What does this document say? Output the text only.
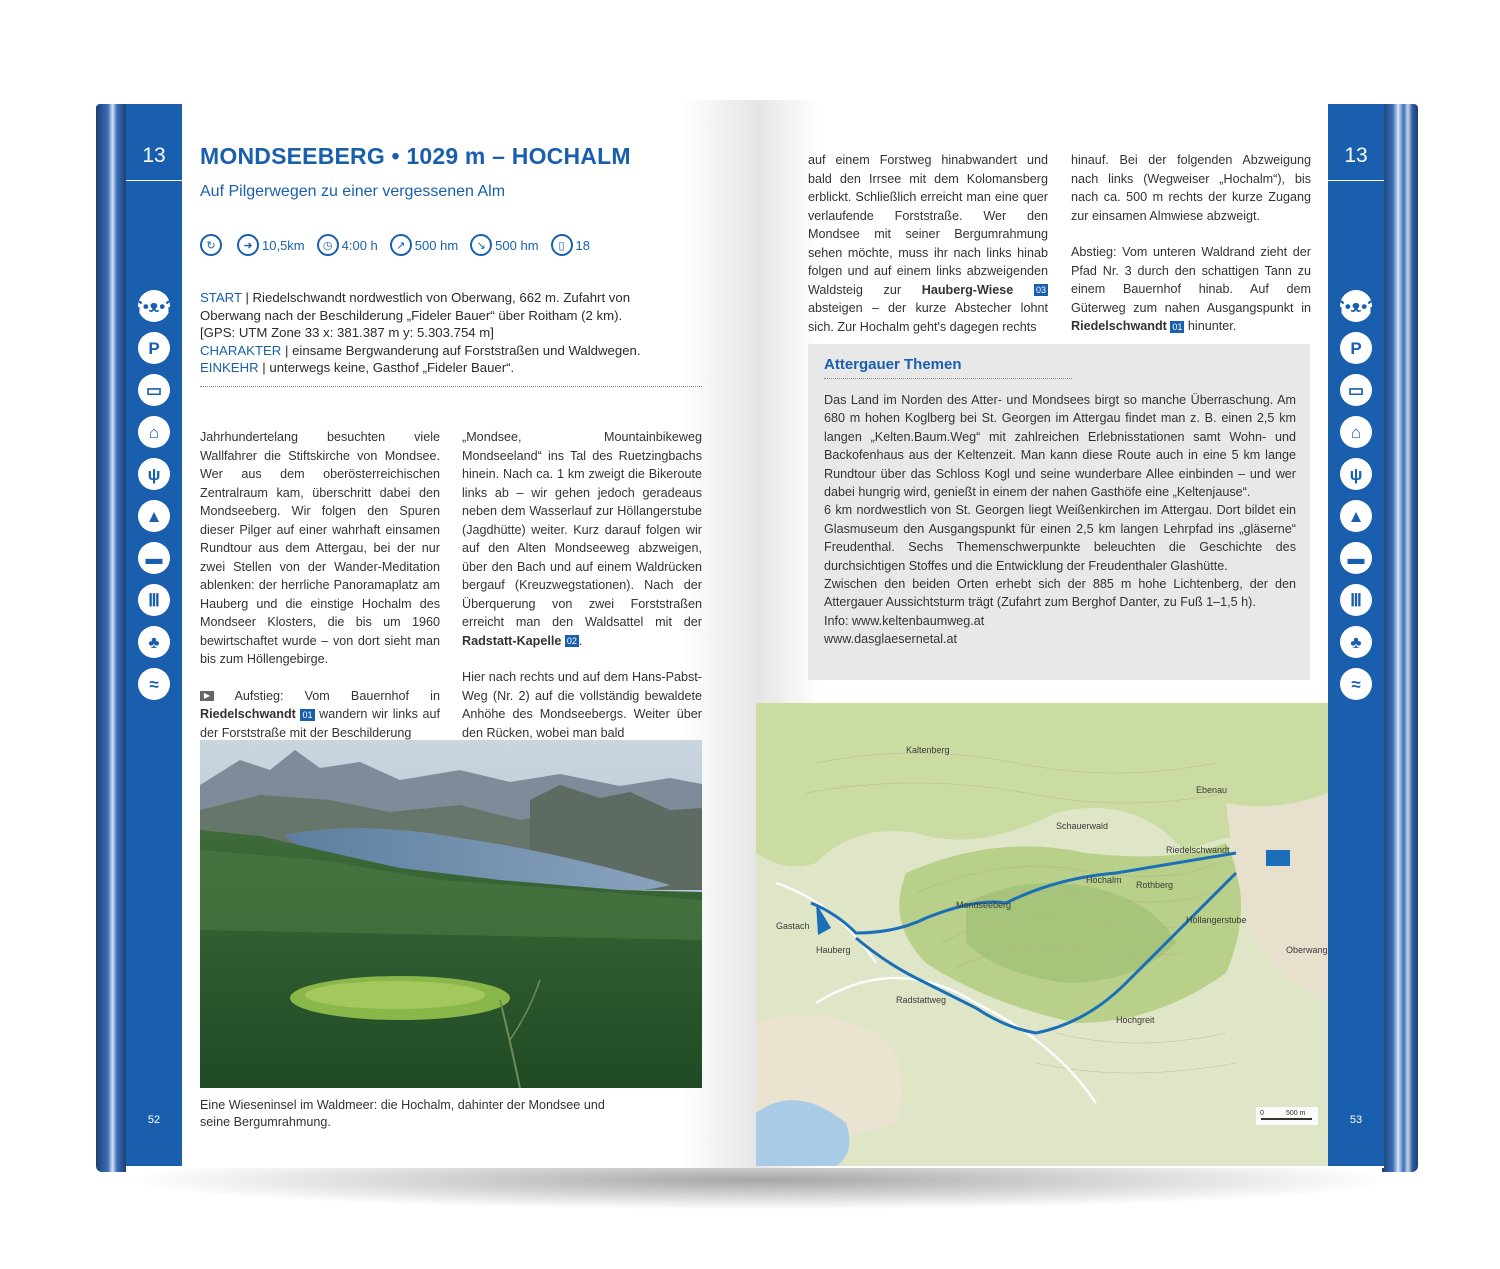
13
ʕ•ᴥ•ʔ
P
▭
⌂
ψ
▲
▬
Ⅲ
♣
≈
52
MONDSEEBERG • 1029 m – HOCHALM
Auf Pilgerwegen zu einer vergessenen Alm
↻	➜ 10,5km	◷ 4:00 h	↗ 500 hm	↘ 500 hm	▯ 18
START | Riedelschwandt nordwestlich von Oberwang, 662 m. Zufahrt von Oberwang nach der Beschilderung „Fideler Bauer“ über Roitham (2 km).
[GPS: UTM Zone 33 x: 381.387 m y: 5.303.754 m]
CHARAKTER | einsame Bergwanderung auf Forststraßen und Waldwegen.
EINKEHR | unterwegs keine, Gasthof „Fideler Bauer“.

Jahrhundertelang besuchten viele Wallfahrer die Stiftskirche von Mondsee. Wer aus dem oberösterreichischen Zentralraum kam, überschritt dabei den Mondseeberg. Wir folgen den Spuren dieser Pilger auf einer wahrhaft einsamen Rundtour aus dem Attergau, bei der nur zwei Stellen von der Wander-Meditation ablenken: der herrliche Panoramaplatz am Hauberg und die einstige Hochalm des Mondseer Klosters, die bis um 1960 bewirtschaftet wurde – von dort sieht man bis zum Höllengebirge.

▶ Aufstieg: Vom Bauernhof in Riedelschwandt 01 wandern wir links auf der Forststraße mit der Beschilderung

„Mondsee, Mountainbikeweg Mondseeland“ ins Tal des Ruetzingbachs hinein. Nach ca. 1 km zweigt die Bikeroute links ab – wir gehen jedoch geradeaus neben dem Wasserlauf zur Höllangerstube (Jagdhütte) weiter. Kurz darauf folgen wir auf den Alten Mondseeweg abzweigen, über den Bach und auf einem Waldrücken bergauf (Kreuzwegstationen). Nach der Überquerung von zwei Forststraßen erreicht man den Waldsattel mit der Radstatt-Kapelle 02 .

Hier nach rechts und auf dem Hans-Pabst-Weg (Nr. 2) auf die vollständig bewaldete Anhöhe des Mondseebergs. Weiter über den Rücken, wobei man bald

Eine Wieseninsel im Waldmeer: die Hochalm, dahinter der Mondsee und seine Bergumrahmung.
13
ʕ•ᴥ•ʔ
P
▭
⌂
ψ
▲
▬
Ⅲ
♣
≈
53

auf einem Forstweg hinabwandert und bald den Irrsee mit dem Kolomansberg erblickt. Schließlich erreicht man eine quer verlaufende Forststraße. Wer den Mondsee mit seiner Bergumrahmung sehen möchte, muss ihr nach links hinab folgen und auf einem links abzweigenden Waldsteig zur Hauberg-Wiese	03 absteigen – der kurze Abstecher lohnt sich. Zur Hochalm geht's dagegen rechts

hinauf. Bei der folgenden Abzweigung nach links (Wegweiser „Hochalm“), bis nach ca. 500 m rechts der kurze Zugang zur einsamen Almwiese abzweigt.

Abstieg: Vom unteren Waldrand zieht der Pfad Nr. 3 durch den schattigen Tann zu einem Bauernhof hinab. Auf dem Güterweg zum nahen Ausgangspunkt in Riedelschwandt 01 hinunter.

Attergauer Themen
Das Land im Norden des Atter- und Mondsees birgt so manche Überraschung. Am 680 m hohen Koglberg bei St. Georgen im Attergau findet man z. B. einen 2,5 km langen „Kelten.Baum.Weg“ mit zahlreichen Erlebnisstationen samt Wohn- und Backofenhaus aus der Keltenzeit. Man kann diese Route auch in eine 5 km lange Rundtour über das Schloss Kogl und seine wunderbare Allee einbinden – und wer dabei hungrig wird, genießt in einem der nahen Gasthöfe eine „Keltenjause“.
6 km nordwestlich von St. Georgen liegt Weißenkirchen im Attergau. Dort bildet ein Glasmuseum den Ausgangspunkt für einen 2,5 km langen Lehrpfad ins „gläserne“ Freudenthal. Sechs Themenschwerpunkte beleuchten die Geschichte des durchsichtigen Stoffes und die Entwicklung der Freudenthaler Glashütte.
Zwischen den beiden Orten erhebt sich der 885 m hohe Lichtenberg, der den Attergauer Aussichtsturm trägt (Zufahrt zum Berghof Danter, zu Fuß 1–1,5 h).
Info: www.keltenbaumweg.at
www.dasglaesernetal.at
Schauerwald
Hochalm
Mondseeberg
Riedelschwandt
Hauberg
Gastach
Oberwang
Ebenau
Rothberg
Höllangerstube
Radstattweg
Kaltenberg
Hochgreit
0	500 m
